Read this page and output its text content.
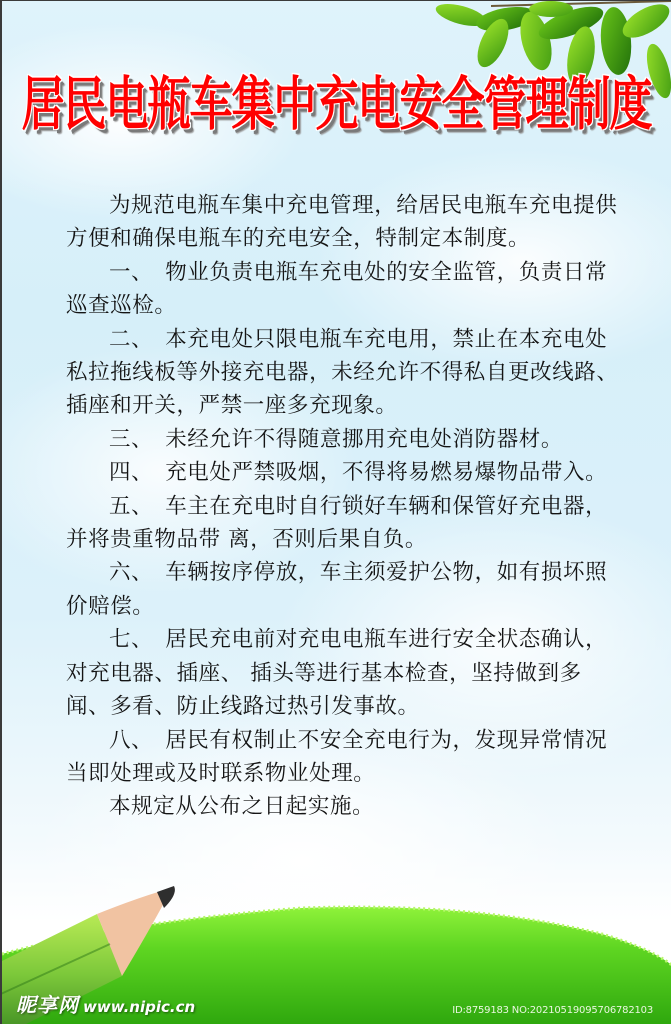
居民电瓶车集中充电安全管理制度

为规范电瓶车集中充电管理，给居民电瓶车充电提供方便和确保电瓶车的充电安全，特制定本制度。

一、 物业负责电瓶车充电处的安全监管，负责日常巡查巡检。

二、 本充电处只限电瓶车充电用，禁止在本充电处私拉拖线板等外接充电器，未经允许不得私自更改线路、插座和开关，严禁一座多充现象。

三、 未经允许不得随意挪用充电处消防器材。

四、 充电处严禁吸烟，不得将易燃易爆物品带入。

五、 车主在充电时自行锁好车辆和保管好充电器，并将贵重物品带 离，否则后果自负。

六、 车辆按序停放，车主须爱护公物，如有损坏照价赔偿。

七、 居民充电前对充电电瓶车进行安全状态确认，对充电器、插座、 插头等进行基本检查，坚持做到多闻、多看、防止线路过热引发事故。

八、 居民有权制止不安全充电行为，发现异常情况当即处理或及时联系物业处理。

本规定从公布之日起实施。

昵享网 www.nipic.cn	ID:8759183 NO:20210519095706782103
